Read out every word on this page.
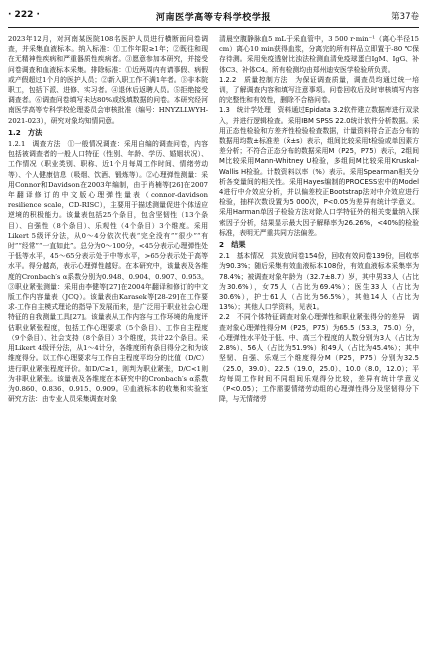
· 222 ·	河南医学高等专科学校学报	第37卷

2023年12月，对河南某医院108名医护人员进行横断面问卷调查，并采集血液标本。纳入标准：①工作年限≥1年；②既往和现在无精神性疾病和严重器质性疾病者。③愿意参加本研究，并接受问卷调查和血液标本采集。排除标准：①近两周内有请事假、病假或产假超过1个月的医护人员；②新入职工作不满1年者。③非本院职工，包括下派、进修、实习者。④退休后返聘人员。⑤拒绝接受调查者。⑥调查问卷填写未达80%或线填数据的问卷。本研究经河南医学高等专科学校伦理委员会审核批准（编号：HNYZLLWYH-2021-023），研究对象均知情同意。

1.2　方法

1.2.1　调查方法　①一般情况调查：采用自编的调查问卷，内容包括被调查者的一般人口特征（性别、年龄、学历、婚姻状况）、工作情况（职业类别、职称、近1个月每周工作时间、情绪劳动等）、个人健康信息（吸烟、饮酒、锻炼等）。②心理弹性测量：采用Connor和Davidson在2003年编制，由于肖楠等[26]在2007年翻译修订的中文版心理弹性量表（connor-davidson resilience scale，CD-RISC），主要用于描述测量促进个体适应逆境的积极能力。该量表包括25个条目，包含坚韧性（13个条目）、自强性（8个条目）、乐观性（4个条目）3个维度。采用Likert 5级评分法，从0～4分依次代表“完全没有”“很少”“有时”“经常”“一直如此”。总分为0～100分，<45分表示心理弹性处于低等水平，45～65分表示处于中等水平，>65分表示处于高等水平。得分越高，表示心理弹性越好。在本研究中，该量表及各维度的Cronbach′s α系数分别为0.948、0.904、0.907、0.953。③职业紧张测量：采用由李健等[27]在2004年翻译和修订的中文版工作内容量表（JCQ）。该量表由Karasek等[28-29]在工作要求-工作自主模式理论的指导下发展而来，是广泛用于职业社会心理特征的自我测量工具[27]。该量表从工作内容与工作环境的角度评估职业紧张程度，包括工作心理要求（5个条目）、工作自主程度（9个条目）、社会支持（8个条目）3个维度，共计22个条目。采用Likert 4级评分法，从1～4计分，各维度所有条目得分之和为该维度得分。以工作心理要求与工作自主程度平均分的比值（D/C）进行职业紧张程度评价。如D/C≥1，则判为职业紧张，D/C<1则为非职业紧张。该量表及各维度在本研究中的Cronbach′s α系数为0.860、0.836、0.915、0.909。④血液标本的收集和实验室研究方法：由专业人员采集调查对象

清晨空腹静脉血5 mL于采血管中，3 500 r·min⁻¹（离心半径15 cm）离心10 min获得血浆，分离完的所有样品立即置于-80 ℃保存待测。采用免疫透射比浊法检测血清免疫球蛋白IgM、IgG、补体C3、补体C4。所有检测均由郑州迪安医学检验所负责。

1.2.2　质量控制方法　为保证调查质量，调查员均通过统一培训，了解调查内容和填写注意事项。问卷回收后及时审核填写内容的完整性和有效性，删除不合格问卷。

1.3　统计学处理　资料通过Epidata 3.2软件建立数据库进行双录入，并进行逻辑检查。采用IBM SPSS 22.0统计软件分析数据。采用正态性检验和方差齐性检验检查数据，计量资料符合正态分布的数据用均数±标准差（x̄±s）表示，组间比较采用t检验或单因素方差分析；不符合正态分布的数据采用M（P25，P75）表示，2组间M比较采用Mann-Whitney U检验，多组间M比较采用Kruskal-Wallis H检验。计数资料以率（%）表示。采用Spearman相关分析各变量间的相关性。采用Hayes编制的PROCESS宏中的Model 4进行中介效应分析，并以偏差校正Bootstrap法对中介效应进行检验，抽样次数设置为5 000次，P<0.05为差异有统计学意义。采用Harman单因子检验方法对除人口学特征外的相关变量纳入探索因子分析，结果显示最大因子解释率为26.26%，<40%的检验标准，表明无严重共同方法偏差。

2　结果

2.1　基本情况　共发放问卷154份，回收有效问卷139份，回收率为90.3%；随后采集有效血液标本108份，有效血液标本采集率为78.4%；被调查对象年龄为（32.7±8.7）岁，其中男33人（占比为30.6%），女75人（占比为69.4%）；医生33人（占比为30.6%），护士61人（占比为56.5%），其他14人（占比为13%）；其他人口学资料，见表1。

2.2　不同个体特征调查对象心理弹性和职业紧张得分的差异　调查对象心理弹性得分M（P25，P75）为65.5（53.3，75.0）分，心理弹性水平处于低、中、高三个程度的人数分别为3人（占比为2.8%）、56人（占比为51.9%）和49人（占比为45.4%）；其中坚韧、自强、乐观三个维度得分M（P25，P75）分别为32.5（25.0，39.0）、22.5（19.0，25.0）、10.0（8.0，12.0）；平均每周工作时间不同组间乐观得分比较，差异有统计学意义（P<0.05）；工作需要情绪劳动组的心理弹性得分及坚韧得分下降，与无情绪劳
